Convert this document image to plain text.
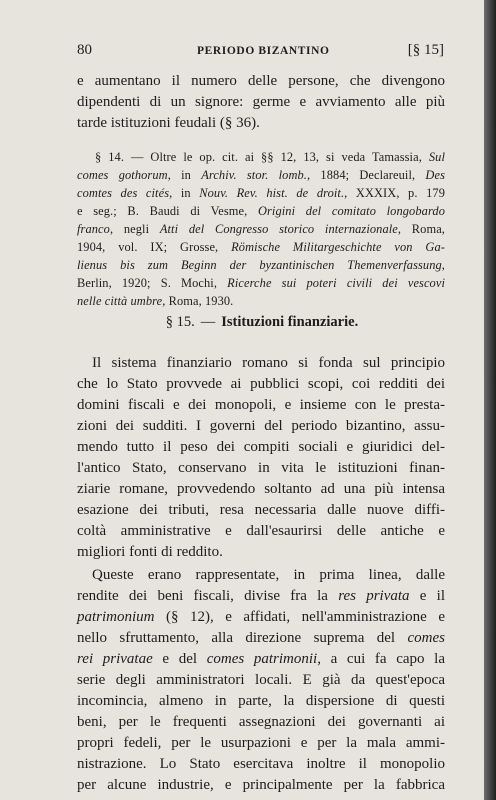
80	PERIODO BIZANTINO	[§ 15]
e aumentano il numero delle persone, che divengono
dipendenti di un signore: germe e avviamento alle più
tarde istituzioni feudali (§ 36).
§ 14. — Oltre le op. cit. ai §§ 12, 13, si veda Tamassia, Sul
comes gothorum, in Archiv. stor. lomb., 1884; Declareuil, Des
comtes des cités, in Nouv. Rev. hist. de droit., XXXIX, p. 179
e seg.; B. Baudi di Vesme, Origini del comitato longobardo
franco, negli Atti del Congresso storico internazionale, Roma,
1904, vol. IX; Grosse, Römische Militargeschichte von Ga-
lienus bis zum Beginn der byzantinischen Themenverfassung,
Berlin, 1920; S. Mochi, Ricerche sui poteri civili dei vescovi
nelle città umbre, Roma, 1930.
§ 15. — Istituzioni finanziarie.
Il sistema finanziario romano si fonda sul principio
che lo Stato provvede ai pubblici scopi, coi redditi dei
domini fiscali e dei monopoli, e insieme con le presta-
zioni dei sudditi. I governi del periodo bizantino, assu-
mendo tutto il peso dei compiti sociali e giuridici del-
l'antico Stato, conservano in vita le istituzioni finan-
ziarie romane, provvedendo soltanto ad una più intensa
esazione dei tributi, resa necessaria dalle nuove diffi-
coltà amministrative e dall'esaurirsi delle antiche e
migliori fonti di reddito.
Queste erano rappresentate, in prima linea, dalle
rendite dei beni fiscali, divise fra la res privata e il
patrimonium (§ 12), e affidati, nell'amministrazione e
nello sfruttamento, alla direzione suprema del comes
rei privatae e del comes patrimonii, a cui fa capo la
serie degli amministratori locali. E già da quest'epoca
incomincia, almeno in parte, la dispersione di questi
beni, per le frequenti assegnazioni dei governanti ai
propri fedeli, per le usurpazioni e per la mala ammi-
nistrazione. Lo Stato esercitava inoltre il monopolio
per alcune industrie, e principalmente per la fabbrica
